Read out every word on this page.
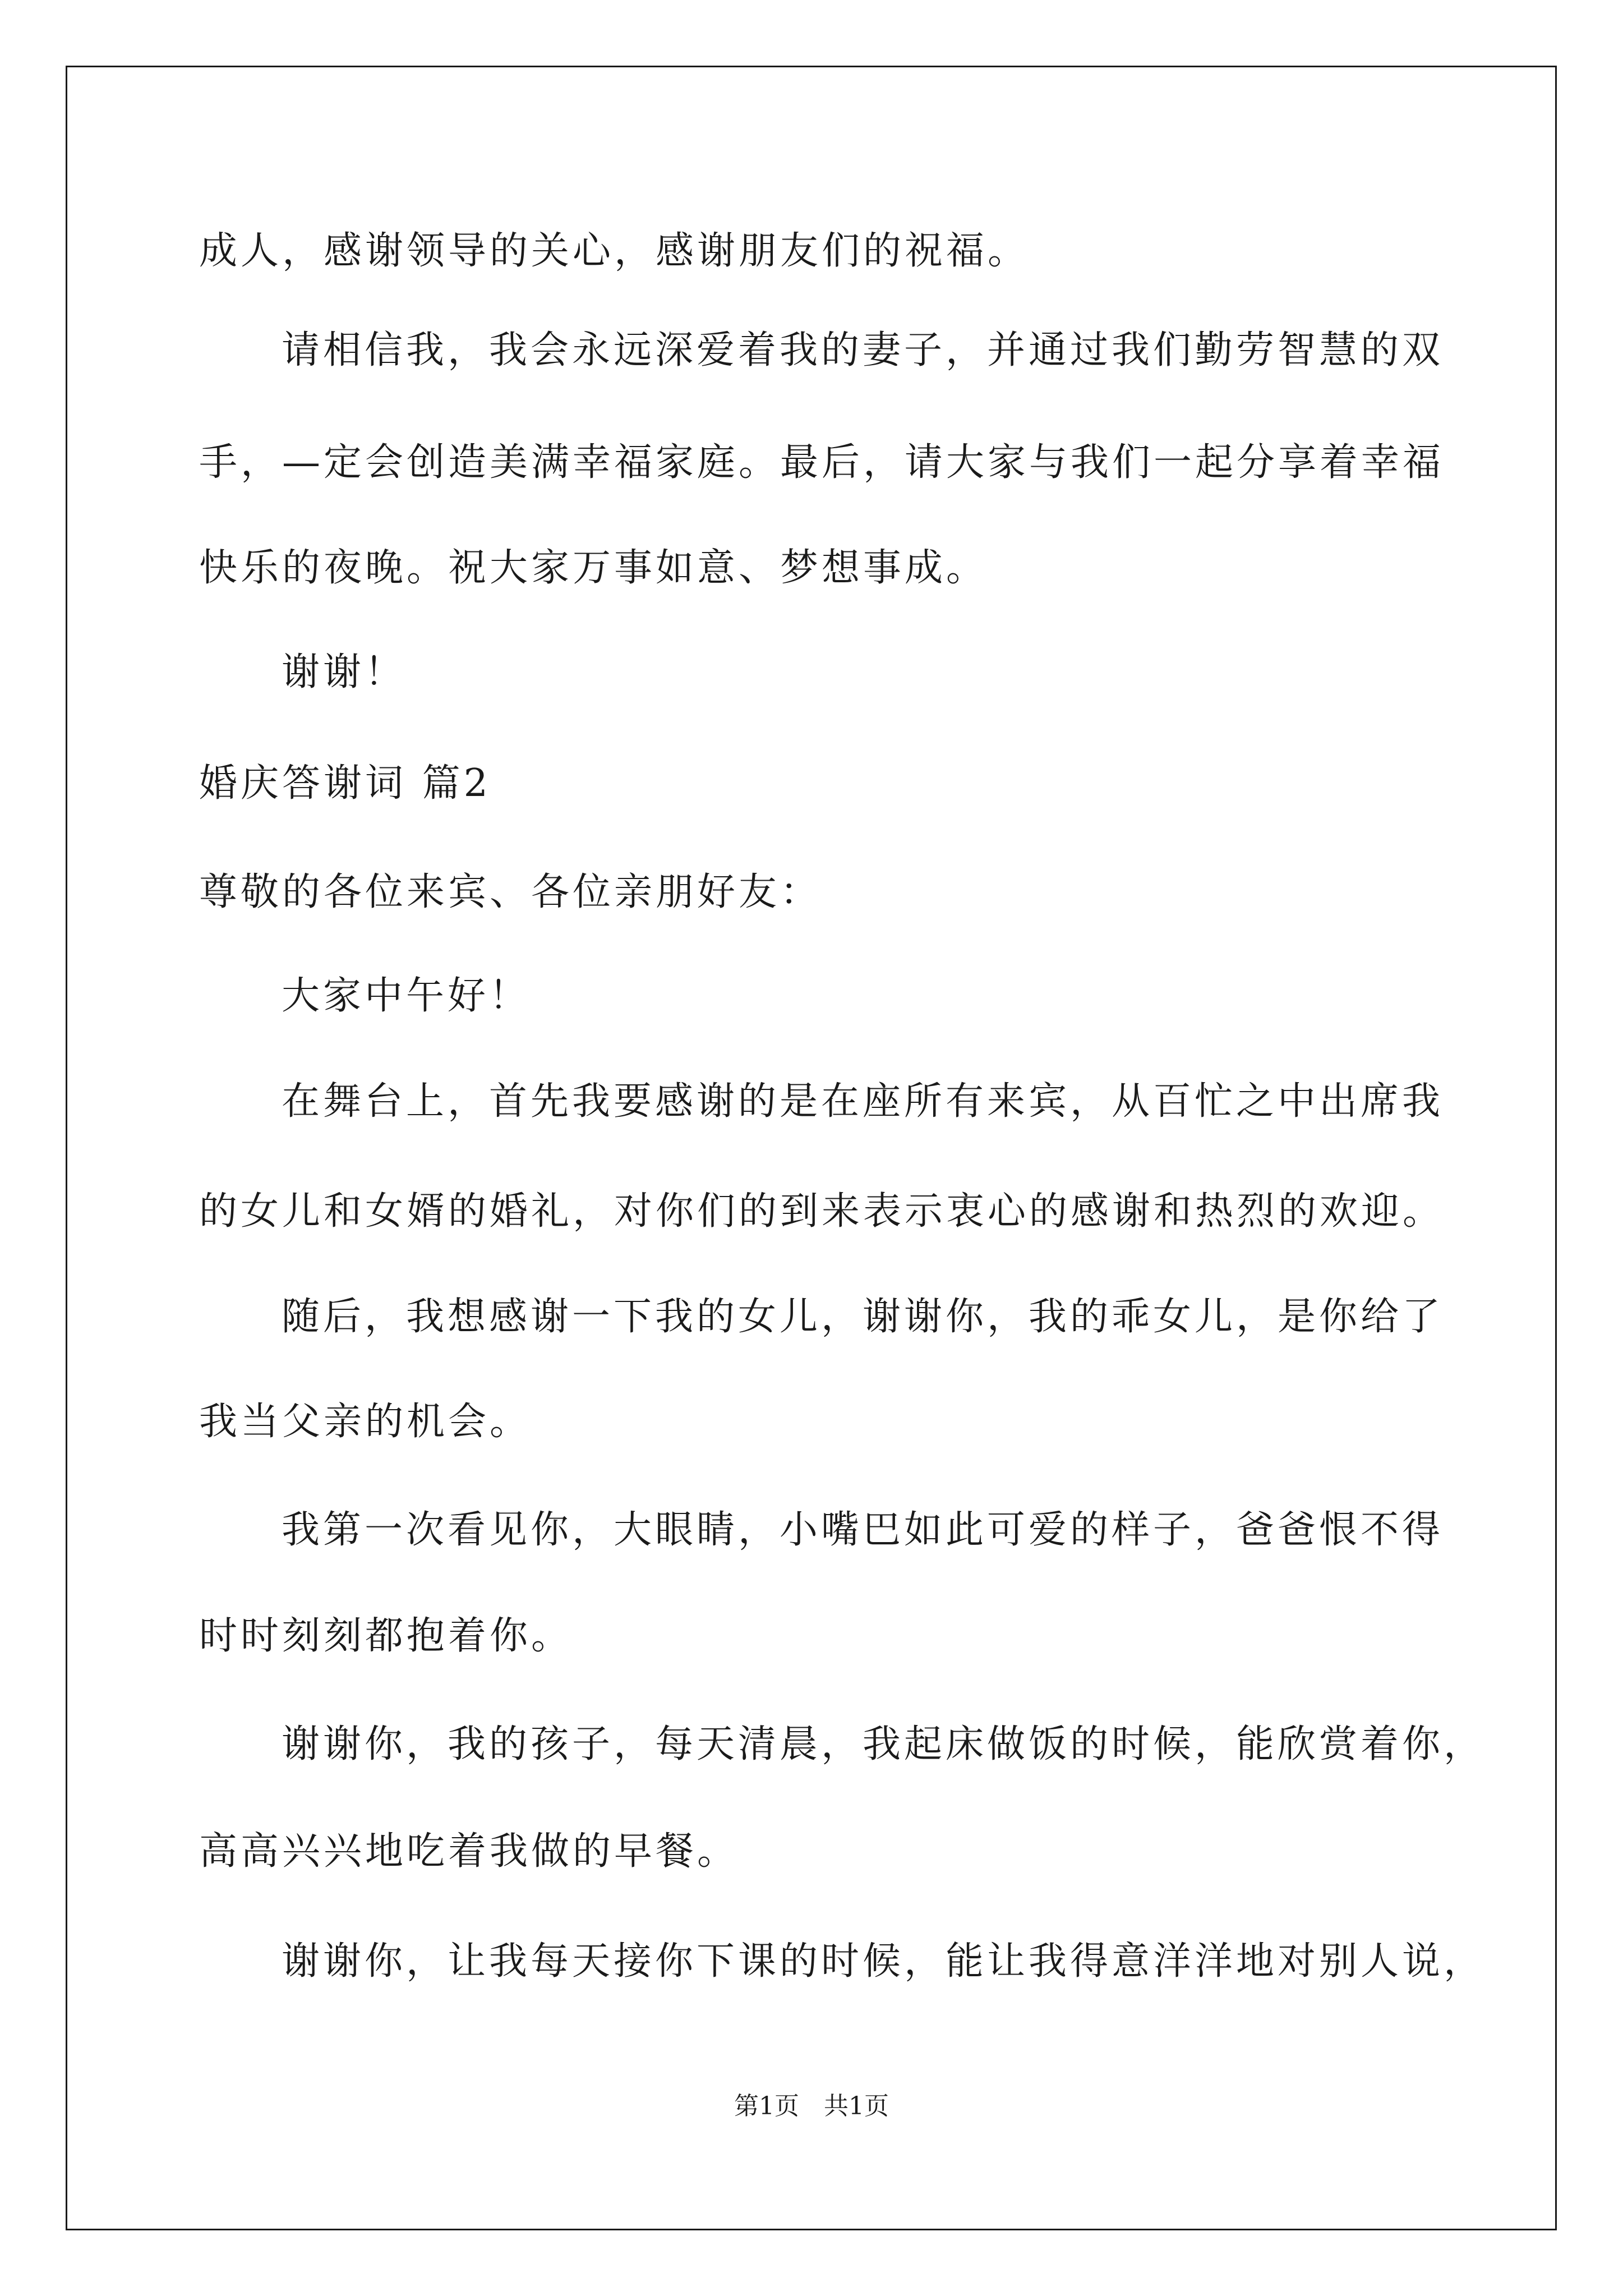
成人，感谢领导的关心，感谢朋友们的祝福。

请相信我，我会永远深爱着我的妻子，并通过我们勤劳智慧的双

手，—定会创造美满幸福家庭。最后，请大家与我们一起分享着幸福

快乐的夜晚。祝大家万事如意、梦想事成。

谢谢！

婚庆答谢词 篇2

尊敬的各位来宾、各位亲朋好友：

大家中午好！

在舞台上，首先我要感谢的是在座所有来宾，从百忙之中出席我

的女儿和女婿的婚礼，对你们的到来表示衷心的感谢和热烈的欢迎。

随后，我想感谢一下我的女儿，谢谢你，我的乖女儿，是你给了

我当父亲的机会。

我第一次看见你，大眼睛，小嘴巴如此可爱的样子，爸爸恨不得

时时刻刻都抱着你。

谢谢你，我的孩子，每天清晨，我起床做饭的时候，能欣赏着你，

高高兴兴地吃着我做的早餐。

谢谢你，让我每天接你下课的时候，能让我得意洋洋地对别人说，

第1页　共1页
